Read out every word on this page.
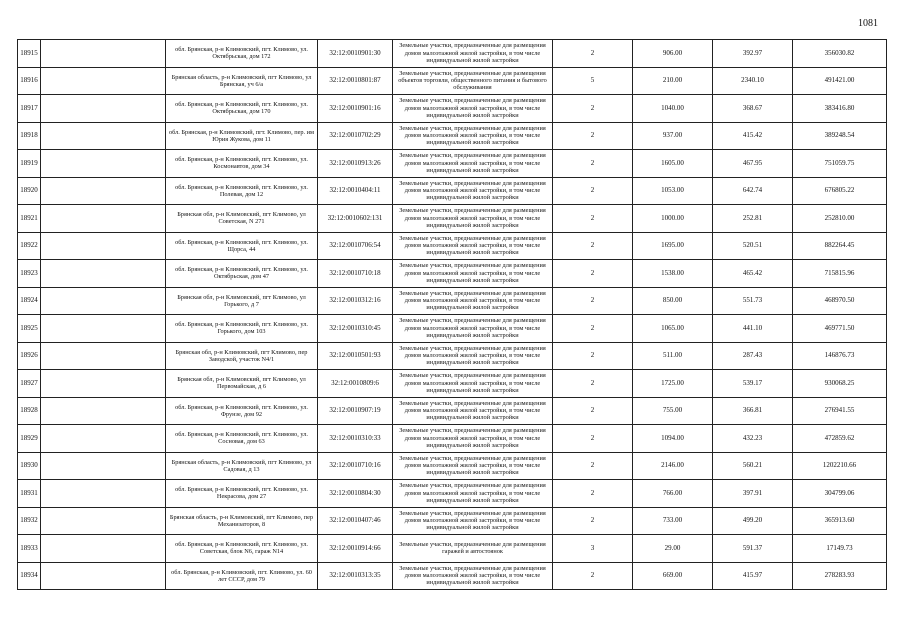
1081
18915		обл. Брянская, р-н Климовский, пгт. Климово, ул. Октябрьская, дом 172	32:12:0010901:30	Земельные участки, предназначенные для размещения домов малоэтажной жилой застройки, в том числе индивидуальной жилой застройки	2	906.00	392.97	356030.82
18916		Брянская область, р-н Климовский, пгт Климово, ул Брянская, уч 6/а	32:12:0010801:87	Земельные участки, предназначенные для размещения объектов торговли, общественного питания и бытового обслуживания	5	210.00	2340.10	491421.00
18917		обл. Брянская, р-н Климовский, пгт. Климово, ул. Октябрьская, дом 170	32:12:0010901:16	Земельные участки, предназначенные для размещения домов малоэтажной жилой застройки, в том числе индивидуальной жилой застройки	2	1040.00	368.67	383416.80
18918		обл. Брянская, р-н Климовский, пгт. Климово, пер. им Юрия Жукова, дом 11	32:12:0010702:29	Земельные участки, предназначенные для размещения домов малоэтажной жилой застройки, в том числе индивидуальной жилой застройки	2	937.00	415.42	389248.54
18919		обл. Брянская, р-н Климовский, пгт. Климово, ул. Космонавтов, дом 34	32:12:0010913:26	Земельные участки, предназначенные для размещения домов малоэтажной жилой застройки, в том числе индивидуальной жилой застройки	2	1605.00	467.95	751059.75
18920		обл. Брянская, р-н Климовский, пгт. Климово, ул. Полевая, дом 12	32:12:0010404:11	Земельные участки, предназначенные для размещения домов малоэтажной жилой застройки, в том числе индивидуальной жилой застройки	2	1053.00	642.74	676805.22
18921		Брянская обл, р-н Климовский, пгт Климово, ул Советская, N 271	32:12:0010602:131	Земельные участки, предназначенные для размещения домов малоэтажной жилой застройки, в том числе индивидуальной жилой застройки	2	1000.00	252.81	252810.00
18922		обл. Брянская, р-н Климовский, пгт. Климово, ул. Щорса, 44	32:12:0010706:54	Земельные участки, предназначенные для размещения домов малоэтажной жилой застройки, в том числе индивидуальной жилой застройки	2	1695.00	520.51	882264.45
18923		обл. Брянская, р-н Климовский, пгт. Климово, ул. Октябрьская, дом 47	32:12:0010710:18	Земельные участки, предназначенные для размещения домов малоэтажной жилой застройки, в том числе индивидуальной жилой застройки	2	1538.00	465.42	715815.96
18924		Брянская обл, р-н Климовский, пгт Климово, ул Горького, д 7	32:12:0010312:16	Земельные участки, предназначенные для размещения домов малоэтажной жилой застройки, в том числе индивидуальной жилой застройки	2	850.00	551.73	468970.50
18925		обл. Брянская, р-н Климовский, пгт. Климово, ул. Горького, дом 103	32:12:0010310:45	Земельные участки, предназначенные для размещения домов малоэтажной жилой застройки, в том числе индивидуальной жилой застройки	2	1065.00	441.10	469771.50
18926		Брянская обл, р-н Климовский, пгт Климово, пер Заводской, участок N4/1	32:12:0010501:93	Земельные участки, предназначенные для размещения домов малоэтажной жилой застройки, в том числе индивидуальной жилой застройки	2	511.00	287.43	146876.73
18927		Брянская обл, р-н Климовский, пгт Климово, ул Первомайская, д 6	32:12:0010809:6	Земельные участки, предназначенные для размещения домов малоэтажной жилой застройки, в том числе индивидуальной жилой застройки	2	1725.00	539.17	930068.25
18928		обл. Брянская, р-н Климовский, пгт. Климово, ул. Фрунзе, дом 92	32:12:0010907:19	Земельные участки, предназначенные для размещения домов малоэтажной жилой застройки, в том числе индивидуальной жилой застройки	2	755.00	366.81	276941.55
18929		обл. Брянская, р-н Климовский, пгт. Климово, ул. Сосновая, дом 63	32:12:0010310:33	Земельные участки, предназначенные для размещения домов малоэтажной жилой застройки, в том числе индивидуальной жилой застройки	2	1094.00	432.23	472859.62
18930		Брянская область, р-н Климовский, пгт Климово, ул Садовая, д 13	32:12:0010710:16	Земельные участки, предназначенные для размещения домов малоэтажной жилой застройки, в том числе индивидуальной жилой застройки	2	2146.00	560.21	1202210.66
18931		обл. Брянская, р-н Климовский, пгт. Климово, ул. Некрасова, дом 27	32:12:0010804:30	Земельные участки, предназначенные для размещения домов малоэтажной жилой застройки, в том числе индивидуальной жилой застройки	2	766.00	397.91	304799.06
18932		Брянская область, р-н Климовский, пгт Климово, пер Механизаторов, 8	32:12:0010407:46	Земельные участки, предназначенные для размещения домов малоэтажной жилой застройки, в том числе индивидуальной жилой застройки	2	733.00	499.20	365913.60
18933		обл. Брянская, р-н Климовский, пгт. Климово, ул. Советская, блок N6, гараж N14	32:12:0010914:66	Земельные участки, предназначенные для размещения гаражей и автостоянок	3	29.00	591.37	17149.73
18934		обл. Брянская, р-н Климовский, пгт. Климово, ул. 60 лет СССР, дом 79	32:12:0010313:35	Земельные участки, предназначенные для размещения домов малоэтажной жилой застройки, в том числе индивидуальной жилой застройки	2	669.00	415.97	278283.93
